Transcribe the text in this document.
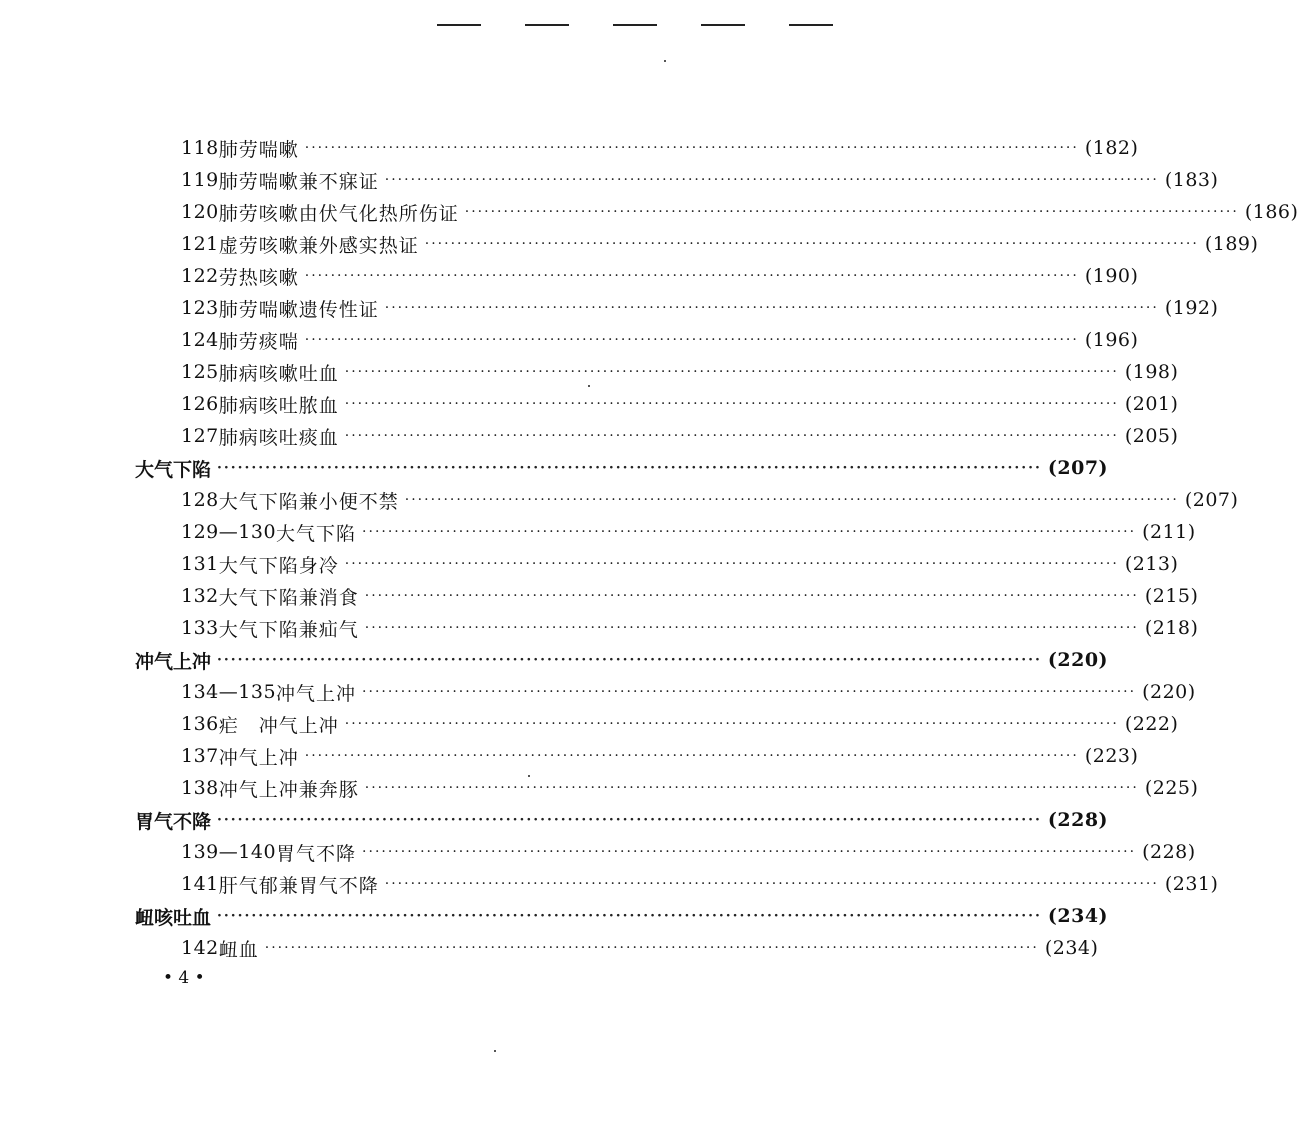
118 肺劳喘嗽 ························································································································ (182)
119 肺劳喘嗽兼不寐证 ························································································································ (183)
120 肺劳咳嗽由伏气化热所伤证 ························································································································ (186)
121 虚劳咳嗽兼外感实热证 ························································································································ (189)
122 劳热咳嗽 ························································································································ (190)
123 肺劳喘嗽遗传性证 ························································································································ (192)
124 肺劳痰喘 ························································································································ (196)
125 肺病咳嗽吐血 ························································································································ (198)
126 肺病咳吐脓血 ························································································································ (201)
127 肺病咳吐痰血 ························································································································ (205)
大气下陷 ························································································································ (207)
128 大气下陷兼小便不禁 ························································································································ (207)
129—130 大气下陷 ························································································································ (211)
131 大气下陷身冷 ························································································································ (213)
132 大气下陷兼消食 ························································································································ (215)
133 大气下陷兼疝气 ························································································································ (218)
冲气上冲 ························································································································ (220)
134—135 冲气上冲 ························································································································ (220)
136 疟　冲气上冲 ························································································································ (222)
137 冲气上冲 ························································································································ (223)
138 冲气上冲兼奔豚 ························································································································ (225)
胃气不降 ························································································································ (228)
139—140 胃气不降 ························································································································ (228)
141 肝气郁兼胃气不降 ························································································································ (231)
衄咳吐血 ························································································································ (234)
142 衄血 ························································································································ (234)
• 4 •
